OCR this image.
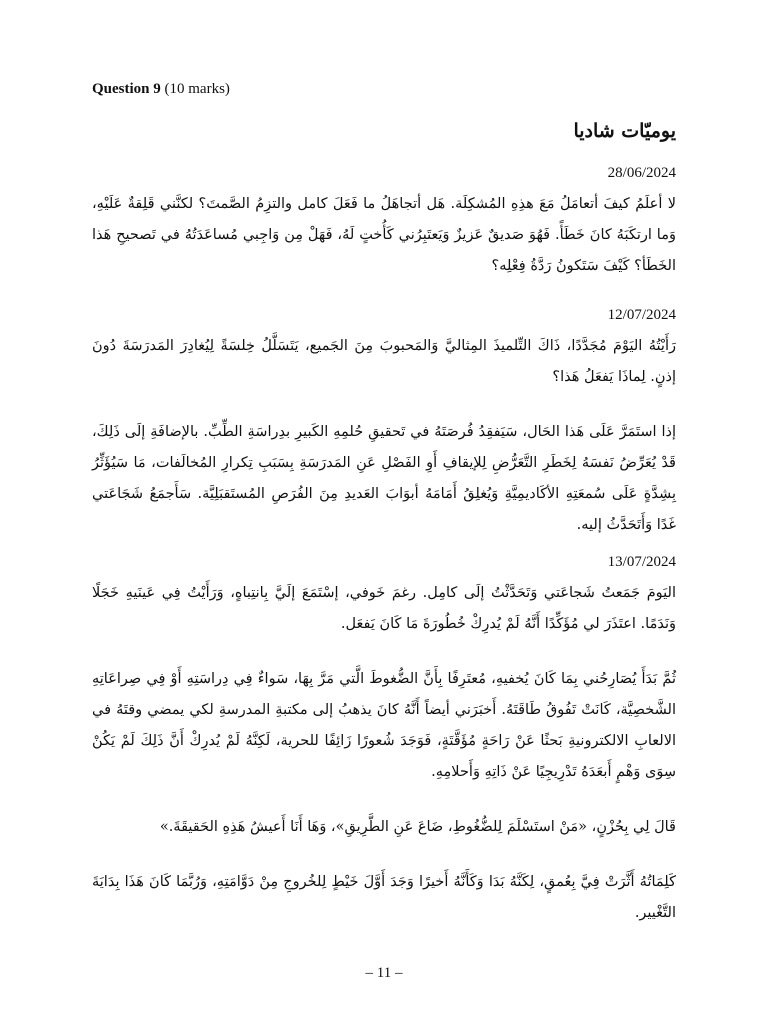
Question 9 (10 marks)
يوميّات شاديا
28/06/2024

لا أعلَمُ كيفَ أتعامَلُ مَعَ هذِهِ المُشكِلَة. هَل أتجاهَلُ ما فَعَلَ كامل والتزِمُ الصَّمتَ؟ لكنَّني قَلِقةٌ عَلَيْهِ، وَما ارتكَبَهُ كانَ خَطَأً. فَهُوَ صَديقٌ عَزيزٌ وَيَعتَبِرُني كَأُختٍ لَهُ، فَهَلْ مِن وَاجِبي مُساعَدَتُهُ في تَصحيحِ هَذا الخَطَأ؟ كَيْفَ سَتَكونُ رَدَّةُ فِعْلِه؟

12/07/2024

رَأَيْتُهُ اليَوْمَ مُجَدَّدًا، ذَاكَ التِّلميذَ المِثاليَّ وَالمَحبوبَ مِنَ الجَميع، يَتَسَلَّلُ خِلسَةً لِيُغادِرَ المَدرَسَةَ دُونَ إذنٍ. لِماذَا يَفعَلُ هَذا؟

إذا استَمَرَّ عَلَى هَذا الحَال، سَيَفقِدُ فُرصَتَهُ في تَحقيقِ حُلمِهِ الكَبيرِ بدِراسَةِ الطِّبِّ. بالإضافَةِ إلَى ذَلِكَ، قَدْ يُعَرِّضُ نَفسَهُ لِخَطَرِ التَّعَرُّضِ لِلإيقافِ أَوِ الفَصْلِ عَنِ المَدرَسَةِ بِسَبَبِ تِكرارِ المُخالَفات، مَا سَيُؤَثِّرُ بِشِدَّةٍ عَلَى سُمعَتِهِ الأكَاديمِيَّةِ وَيُغلِقُ أَمَامَهُ أبوَابَ العَديدِ مِنَ الفُرَصِ المُستَقبَلِيَّة. سَأَجمَعُ شَجَاعَتي غَدًا وَأَتَحَدَّثُ إليه.

13/07/2024

اليَومَ جَمَعتُ شَجاعَتي وَتَحَدَّثْتُ إلَى كامِل. رغمَ خَوفي، إسْتَمَعَ إلَيَّ بِانتِباهٍ، وَرَأَيْتُ فِي عَينَيهِ خَجَلًا وَنَدَمًا. اعتَذَرَ لي مُؤَكِّدًا أَنَّهُ لَمْ يُدرِكْ خُطُورَةَ مَا كَانَ يَفعَل.

ثُمَّ بَدَأَ يُصَارِحُني بِمَا كَانَ يُخفيهِ، مُعتَرِفًا بِأَنَّ الضُّغوطَ الَّتي مَرَّ بِهَا، سَواءٌ فِي دِراسَتِهِ أَوْ فِي صِراعَاتِهِ الشَّخصِيَّة، كَانَتْ تَفُوقُ طَاقَتَهُ. أَخبَرَني أيضاً أَنَّهُ كانَ يذهبُ إلى مكتبةِ المدرسةِ لكي يمضي وقتَهُ في الالعابِ الالكترونيةِ بَحثًا عَنْ رَاحَةٍ مُؤَقَّتَةٍ، فَوَجَدَ شُعورًا زَائِفًا للحرية، لَكِنَّهُ لَمْ يُدرِكْ أَنَّ ذَلِكَ لَمْ يَكُنْ سِوَى وَهْمٍ أَبعَدَهُ تَدْرِيجِيًا عَنْ ذَاتِهِ وَأَحلامِهِ.

قَالَ لِي بِحُزْنٍ، «مَنْ استَسْلَمَ لِلضُّغُوطِ، ضَاعَ عَنِ الطَّرِيقِ»، وَهَا أَنَا أَعيشُ هَذِهِ الحَقيقَةَ.»

كَلِمَاتُهُ أَثَّرَتْ فِيَّ بِعُمقٍ، لِكَنَّهُ بَدَا وَكَأَنَّهُ أَخيرًا وَجَدَ أَوَّلَ خَيْطٍ لِلخُروجِ مِنْ دَوَّامَتِهِ، وَرُبَّمَا كَانَ هَذَا بِدَايَةَ التَّغْيير.

– 11 –
